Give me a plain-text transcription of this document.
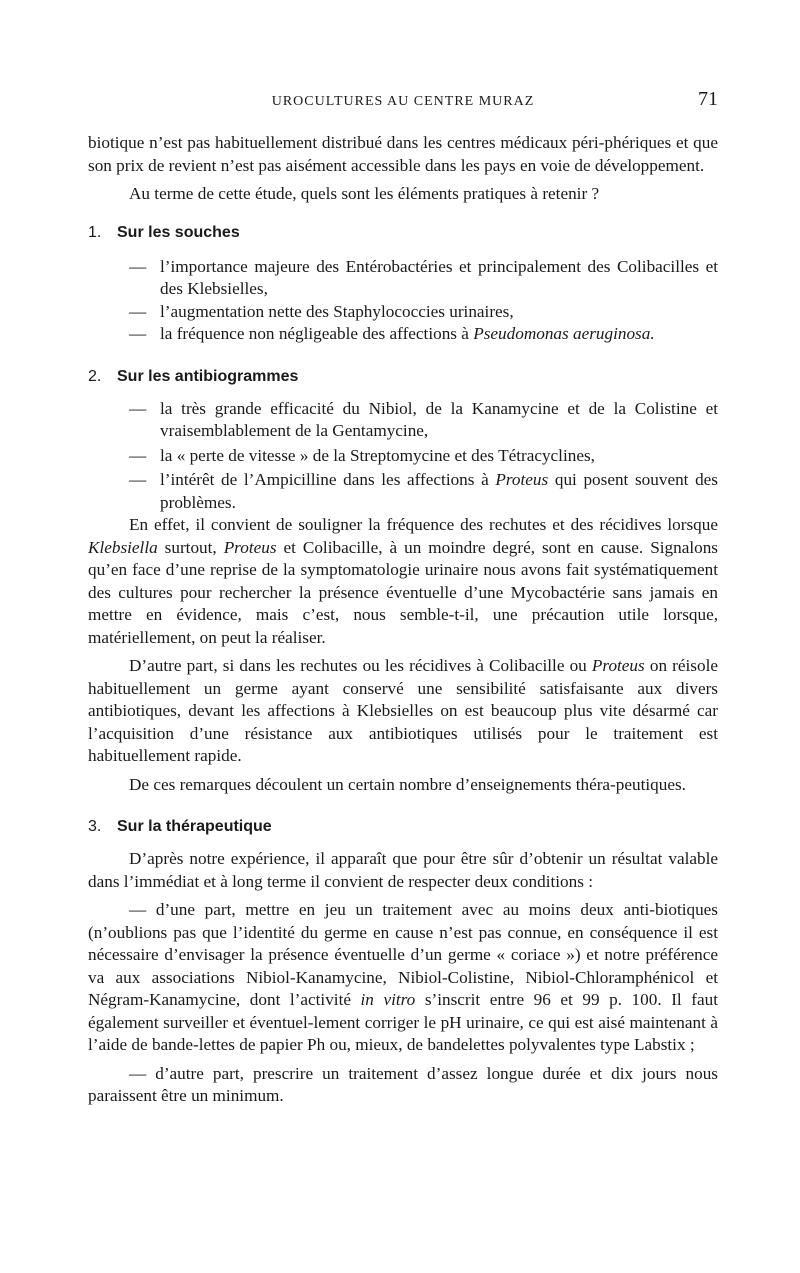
UROCULTURES AU CENTRE MURAZ	71

biotique n’est pas habituellement distribué dans les centres médicaux péri-phériques et que son prix de revient n’est pas aisément accessible dans les pays en voie de développement.

Au terme de cette étude, quels sont les éléments pratiques à retenir ?

1. Sur les souches
— l’importance majeure des Entérobactéries et principalement des Colibacilles et des Klebsielles,
— l’augmentation nette des Staphylococcies urinaires,
— la fréquence non négligeable des affections à Pseudomonas aeruginosa.
2. Sur les antibiogrammes
— la très grande efficacité du Nibiol, de la Kanamycine et de la Colistine et vraisemblablement de la Gentamycine,
— la « perte de vitesse » de la Streptomycine et des Tétracyclines,
— l’intérêt de l’Ampicilline dans les affections à Proteus qui posent souvent des problèmes.

En effet, il convient de souligner la fréquence des rechutes et des récidives lorsque Klebsiella surtout, Proteus et Colibacille, à un moindre degré, sont en cause. Signalons qu’en face d’une reprise de la symptomatologie urinaire nous avons fait systématiquement des cultures pour rechercher la présence éventuelle d’une Mycobactérie sans jamais en mettre en évidence, mais c’est, nous semble-t-il, une précaution utile lorsque, matériellement, on peut la réaliser.

D’autre part, si dans les rechutes ou les récidives à Colibacille ou Proteus on réisole habituellement un germe ayant conservé une sensibilité satisfaisante aux divers antibiotiques, devant les affections à Klebsielles on est beaucoup plus vite désarmé car l’acquisition d’une résistance aux antibiotiques utilisés pour le traitement est habituellement rapide.

De ces remarques découlent un certain nombre d’enseignements théra-peutiques.

3. Sur la thérapeutique

D’après notre expérience, il apparaît que pour être sûr d’obtenir un résultat valable dans l’immédiat et à long terme il convient de respecter deux conditions :

— d’une part, mettre en jeu un traitement avec au moins deux anti-biotiques (n’oublions pas que l’identité du germe en cause n’est pas connue, en conséquence il est nécessaire d’envisager la présence éventuelle d’un germe « coriace ») et notre préférence va aux associations Nibiol-Kanamycine, Nibiol-Colistine, Nibiol-Chloramphénicol et Négram-Kanamycine, dont l’activité in vitro s’inscrit entre 96 et 99 p. 100. Il faut également surveiller et éventuel-lement corriger le pH urinaire, ce qui est aisé maintenant à l’aide de bande-lettes de papier Ph ou, mieux, de bandelettes polyvalentes type Labstix ;

— d’autre part, prescrire un traitement d’assez longue durée et dix jours nous paraissent être un minimum.
